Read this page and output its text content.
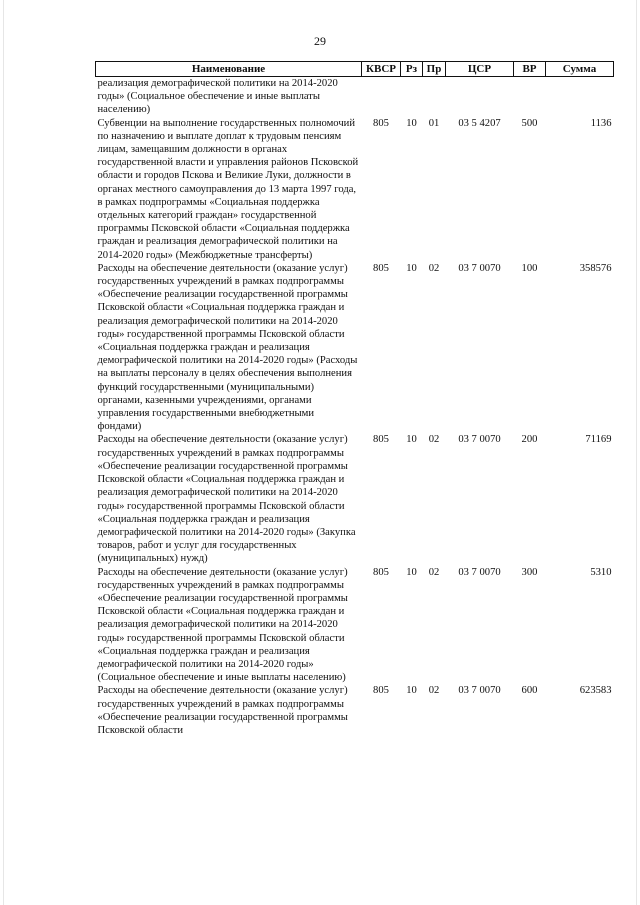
29
Наименование	КВСР	Рз	Пр	ЦСР	ВР	Сумма
реализация демографической политики на 2014-2020 годы» (Социальное обеспечение и иные выплаты населению)						
Субвенции на выполнение государственных полномочий по назначению и выплате доплат к трудовым пенсиям лицам, замещавшим должности в органах государственной власти и управления районов Псковской области и городов Пскова и Великие Луки, должности в органах местного самоуправления до 13 марта 1997 года, в рамках подпрограммы «Социальная поддержка отдельных категорий граждан» государственной программы Псковской области «Социальная поддержка граждан и реализация демографической политики на 2014-2020 годы» (Межбюджетные трансферты)	805	10	01	03 5 4207	500	1136
Расходы на обеспечение деятельности (оказание услуг) государственных учреждений в рамках подпрограммы «Обеспечение реализации государственной программы Псковской области «Социальная поддержка граждан и реализация демографической политики на 2014-2020 годы» государственной программы Псковской области «Социальная поддержка граждан и реализация демографической политики на 2014-2020 годы» (Расходы на выплаты персоналу в целях обеспечения выполнения функций государственными (муниципальными) органами, казенными учреждениями, органами управления государственными внебюджетными фондами)	805	10	02	03 7 0070	100	358576
Расходы на обеспечение деятельности (оказание услуг) государственных учреждений в рамках подпрограммы «Обеспечение реализации государственной программы Псковской области «Социальная поддержка граждан и реализация демографической политики на 2014-2020 годы» государственной программы Псковской области «Социальная поддержка граждан и реализация демографической политики на 2014-2020 годы» (Закупка товаров, работ и услуг для государственных (муниципальных) нужд)	805	10	02	03 7 0070	200	71169
Расходы на обеспечение деятельности (оказание услуг) государственных учреждений в рамках подпрограммы «Обеспечение реализации государственной программы Псковской области «Социальная поддержка граждан и реализация демографической политики на 2014-2020 годы» государственной программы Псковской области «Социальная поддержка граждан и реализация демографической политики на 2014-2020 годы» (Социальное обеспечение и иные выплаты населению)	805	10	02	03 7 0070	300	5310
Расходы на обеспечение деятельности (оказание услуг) государственных учреждений в рамках подпрограммы «Обеспечение реализации государственной программы Псковской области	805	10	02	03 7 0070	600	623583
